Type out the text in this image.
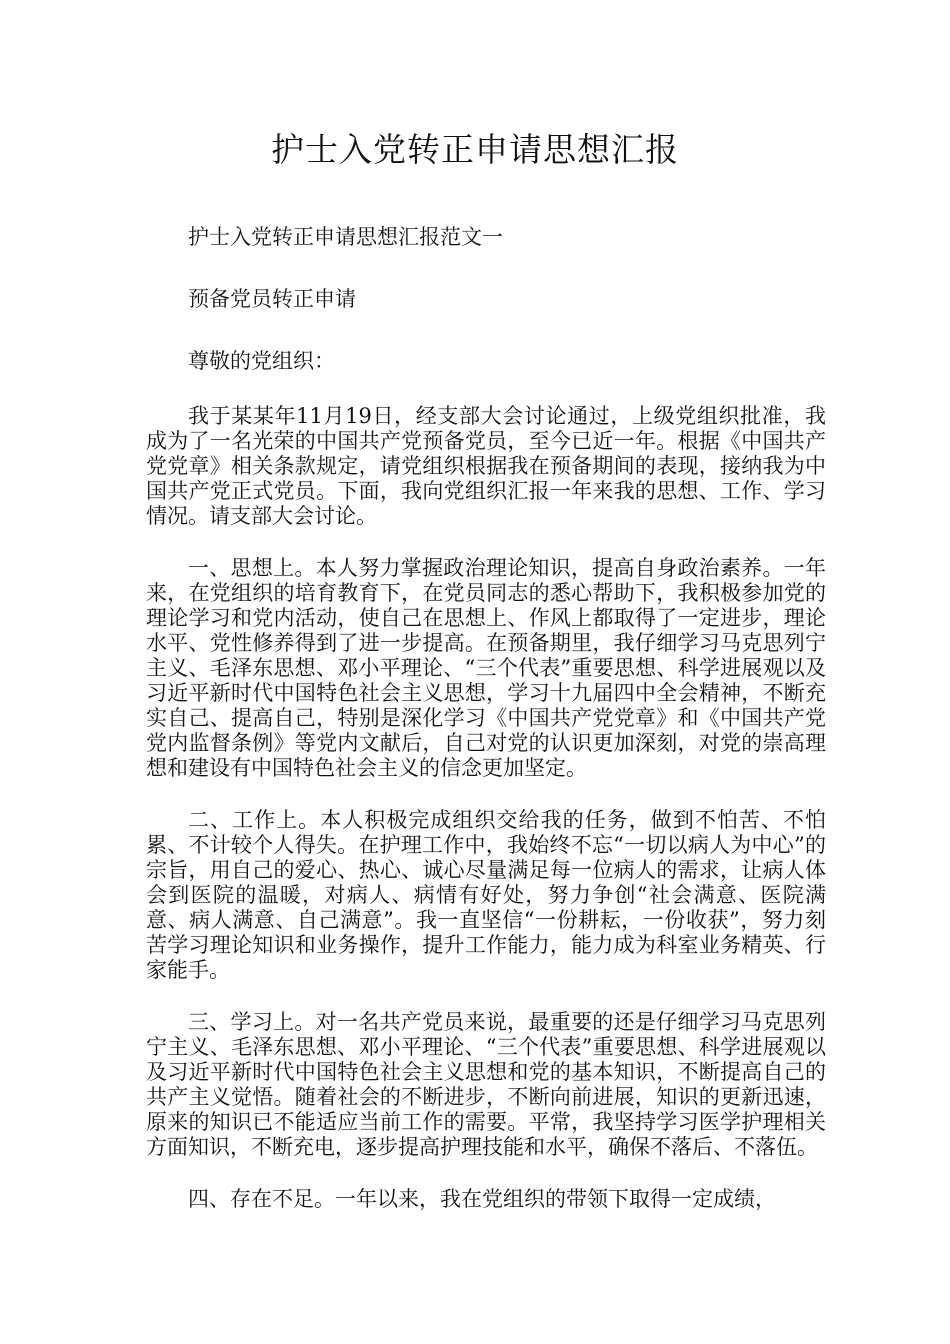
护士入党转正申请思想汇报

护士入党转正申请思想汇报范文一

预备党员转正申请

尊敬的党组织：

我于某某年11月19日，经支部大会讨论通过，上级党组织批准，我成为了一名光荣的中国共产党预备党员，至今已近一年。根据《中国共产党党章》相关条款规定，请党组织根据我在预备期间的表现，接纳我为中国共产党正式党员。下面，我向党组织汇报一年来我的思想、工作、学习情况。请支部大会讨论。

一、思想上。本人努力掌握政治理论知识，提高自身政治素养。一年来，在党组织的培育教育下，在党员同志的悉心帮助下，我积极参加党的理论学习和党内活动，使自己在思想上、作风上都取得了一定进步，理论水平、党性修养得到了进一步提高。在预备期里，我仔细学习马克思列宁主义、毛泽东思想、邓小平理论、“三个代表”重要思想、科学进展观以及习近平新时代中国特色社会主义思想，学习十九届四中全会精神，不断充实自己、提高自己，特别是深化学习《中国共产党党章》和《中国共产党党内监督条例》等党内文献后，自己对党的认识更加深刻，对党的崇高理想和建设有中国特色社会主义的信念更加坚定。

二、工作上。本人积极完成组织交给我的任务，做到不怕苦、不怕累、不计较个人得失。在护理工作中，我始终不忘“一切以病人为中心”的宗旨，用自己的爱心、热心、诚心尽量满足每一位病人的需求，让病人体会到医院的温暖，对病人、病情有好处，努力争创“社会满意、医院满意、病人满意、自己满意”。我一直坚信“一份耕耘，一份收获”，努力刻苦学习理论知识和业务操作，提升工作能力，能力成为科室业务精英、行家能手。

三、学习上。对一名共产党员来说，最重要的还是仔细学习马克思列宁主义、毛泽东思想、邓小平理论、“三个代表”重要思想、科学进展观以及习近平新时代中国特色社会主义思想和党的基本知识，不断提高自己的共产主义觉悟。随着社会的不断进步，不断向前进展，知识的更新迅速，原来的知识已不能适应当前工作的需要。平常，我坚持学习医学护理相关方面知识，不断充电，逐步提高护理技能和水平，确保不落后、不落伍。

四、存在不足。一年以来，我在党组织的带领下取得一定成绩，
